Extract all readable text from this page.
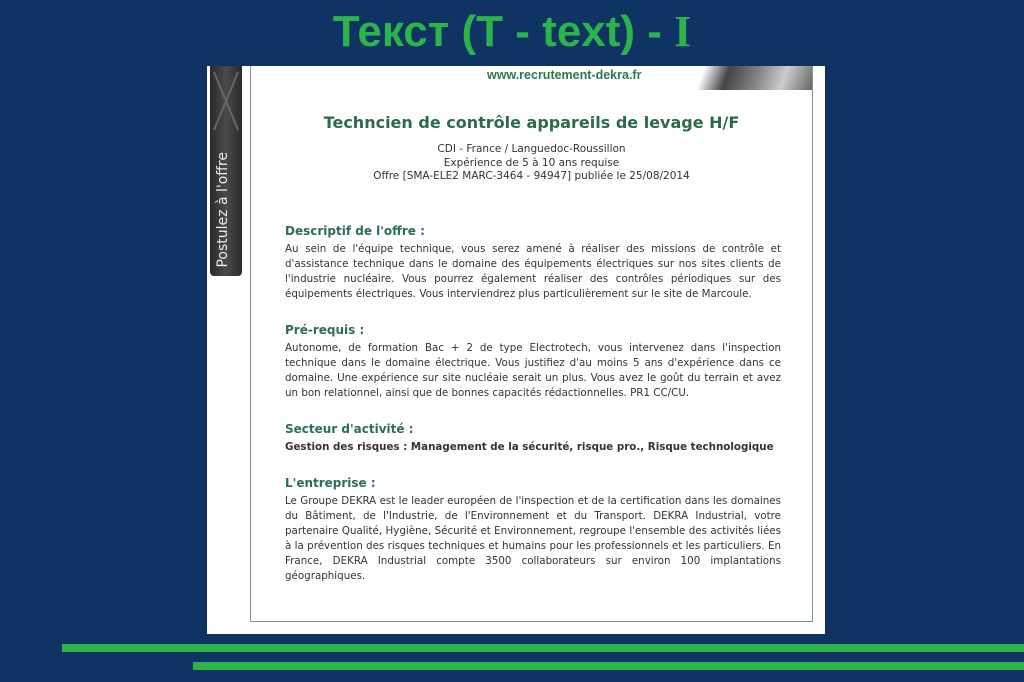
Текст (T - text) - I
Postulez à l'offre
www.recrutement-dekra.fr
Techncien de contrôle appareils de levage H/F
CDI - France / Languedoc-Roussillon
Expérience de 5 à 10 ans requise
Offre [SMA-ELE2 MARC-3464 - 94947] publiée le 25/08/2014
Descriptif de l'offre :

Au sein de l'équipe technique, vous serez amené à réaliser des missions de contrôle et d'assistance technique dans le domaine des équipements électriques sur nos sites clients de l'industrie nucléaire. Vous pourrez également réaliser des contrôles périodiques sur des équipements électriques. Vous interviendrez plus particulièrement sur le site de Marcoule.

Pré-requis :

Autonome, de formation Bac + 2 de type Electrotech, vous intervenez dans l'inspection technique dans le domaine électrique. Vous justifiez d'au moins 5 ans d'expérience dans ce domaine. Une expérience sur site nucléaie serait un plus. Vous avez le goût du terrain et avez un bon relationnel, ainsi que de bonnes capacités rédactionnelles. PR1 CC/CU.

Secteur d'activité :

Gestion des risques : Management de la sécurité, risque pro., Risque technologique

L'entreprise :

Le Groupe DEKRA est le leader européen de l'inspection et de la certification dans les domaines du Bâtiment, de l'Industrie, de l'Environnement et du Transport. DEKRA Industrial, votre partenaire Qualité, Hygiène, Sécurité et Environnement, regroupe l'ensemble des activités liées à la prévention des risques techniques et humains pour les professionnels et les particuliers. En France, DEKRA Industrial compte 3500 collaborateurs sur environ 100 implantations géographiques.
